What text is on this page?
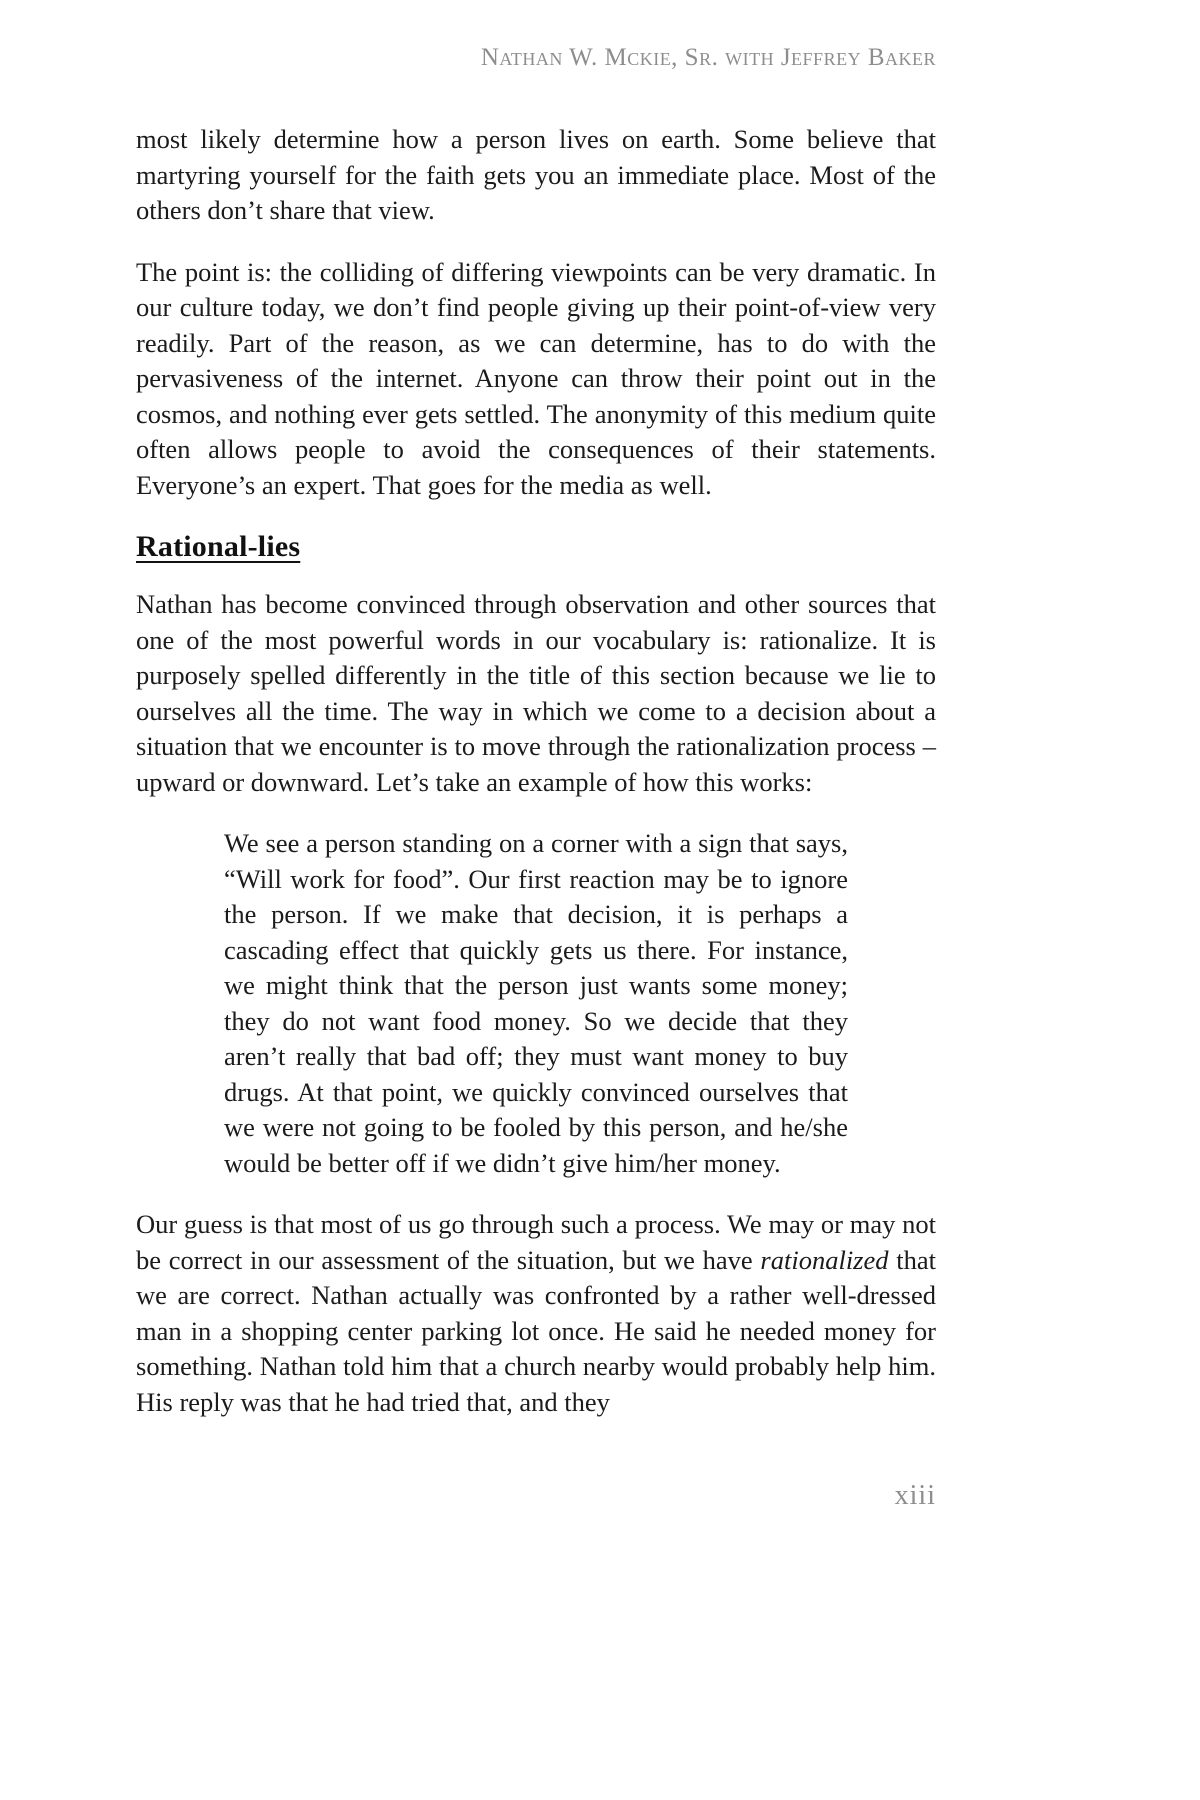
Nathan W. Mckie, Sr. with Jeffrey Baker

most likely determine how a person lives on earth. Some believe that martyring yourself for the faith gets you an immediate place. Most of the others don’t share that view.

The point is: the colliding of differing viewpoints can be very dramatic. In our culture today, we don’t find people giving up their point-of-view very readily. Part of the reason, as we can determine, has to do with the pervasiveness of the internet. Anyone can throw their point out in the cosmos, and nothing ever gets settled. The anonymity of this medium quite often allows people to avoid the consequences of their statements. Everyone’s an expert. That goes for the media as well.

Rational-lies

Nathan has become convinced through observation and other sources that one of the most powerful words in our vocabulary is: rationalize. It is purposely spelled differently in the title of this section because we lie to ourselves all the time. The way in which we come to a decision about a situation that we encounter is to move through the rationalization process – upward or downward. Let’s take an example of how this works:

We see a person standing on a corner with a sign that says, “Will work for food”. Our first reaction may be to ignore the person. If we make that decision, it is perhaps a cascading effect that quickly gets us there. For instance, we might think that the person just wants some money; they do not want food money. So we decide that they aren’t really that bad off; they must want money to buy drugs. At that point, we quickly convinced ourselves that we were not going to be fooled by this person, and he/she would be better off if we didn’t give him/her money.

Our guess is that most of us go through such a process. We may or may not be correct in our assessment of the situation, but we have rationalized that we are correct. Nathan actually was confronted by a rather well-dressed man in a shopping center parking lot once. He said he needed money for something. Nathan told him that a church nearby would probably help him. His reply was that he had tried that, and they

xiii
